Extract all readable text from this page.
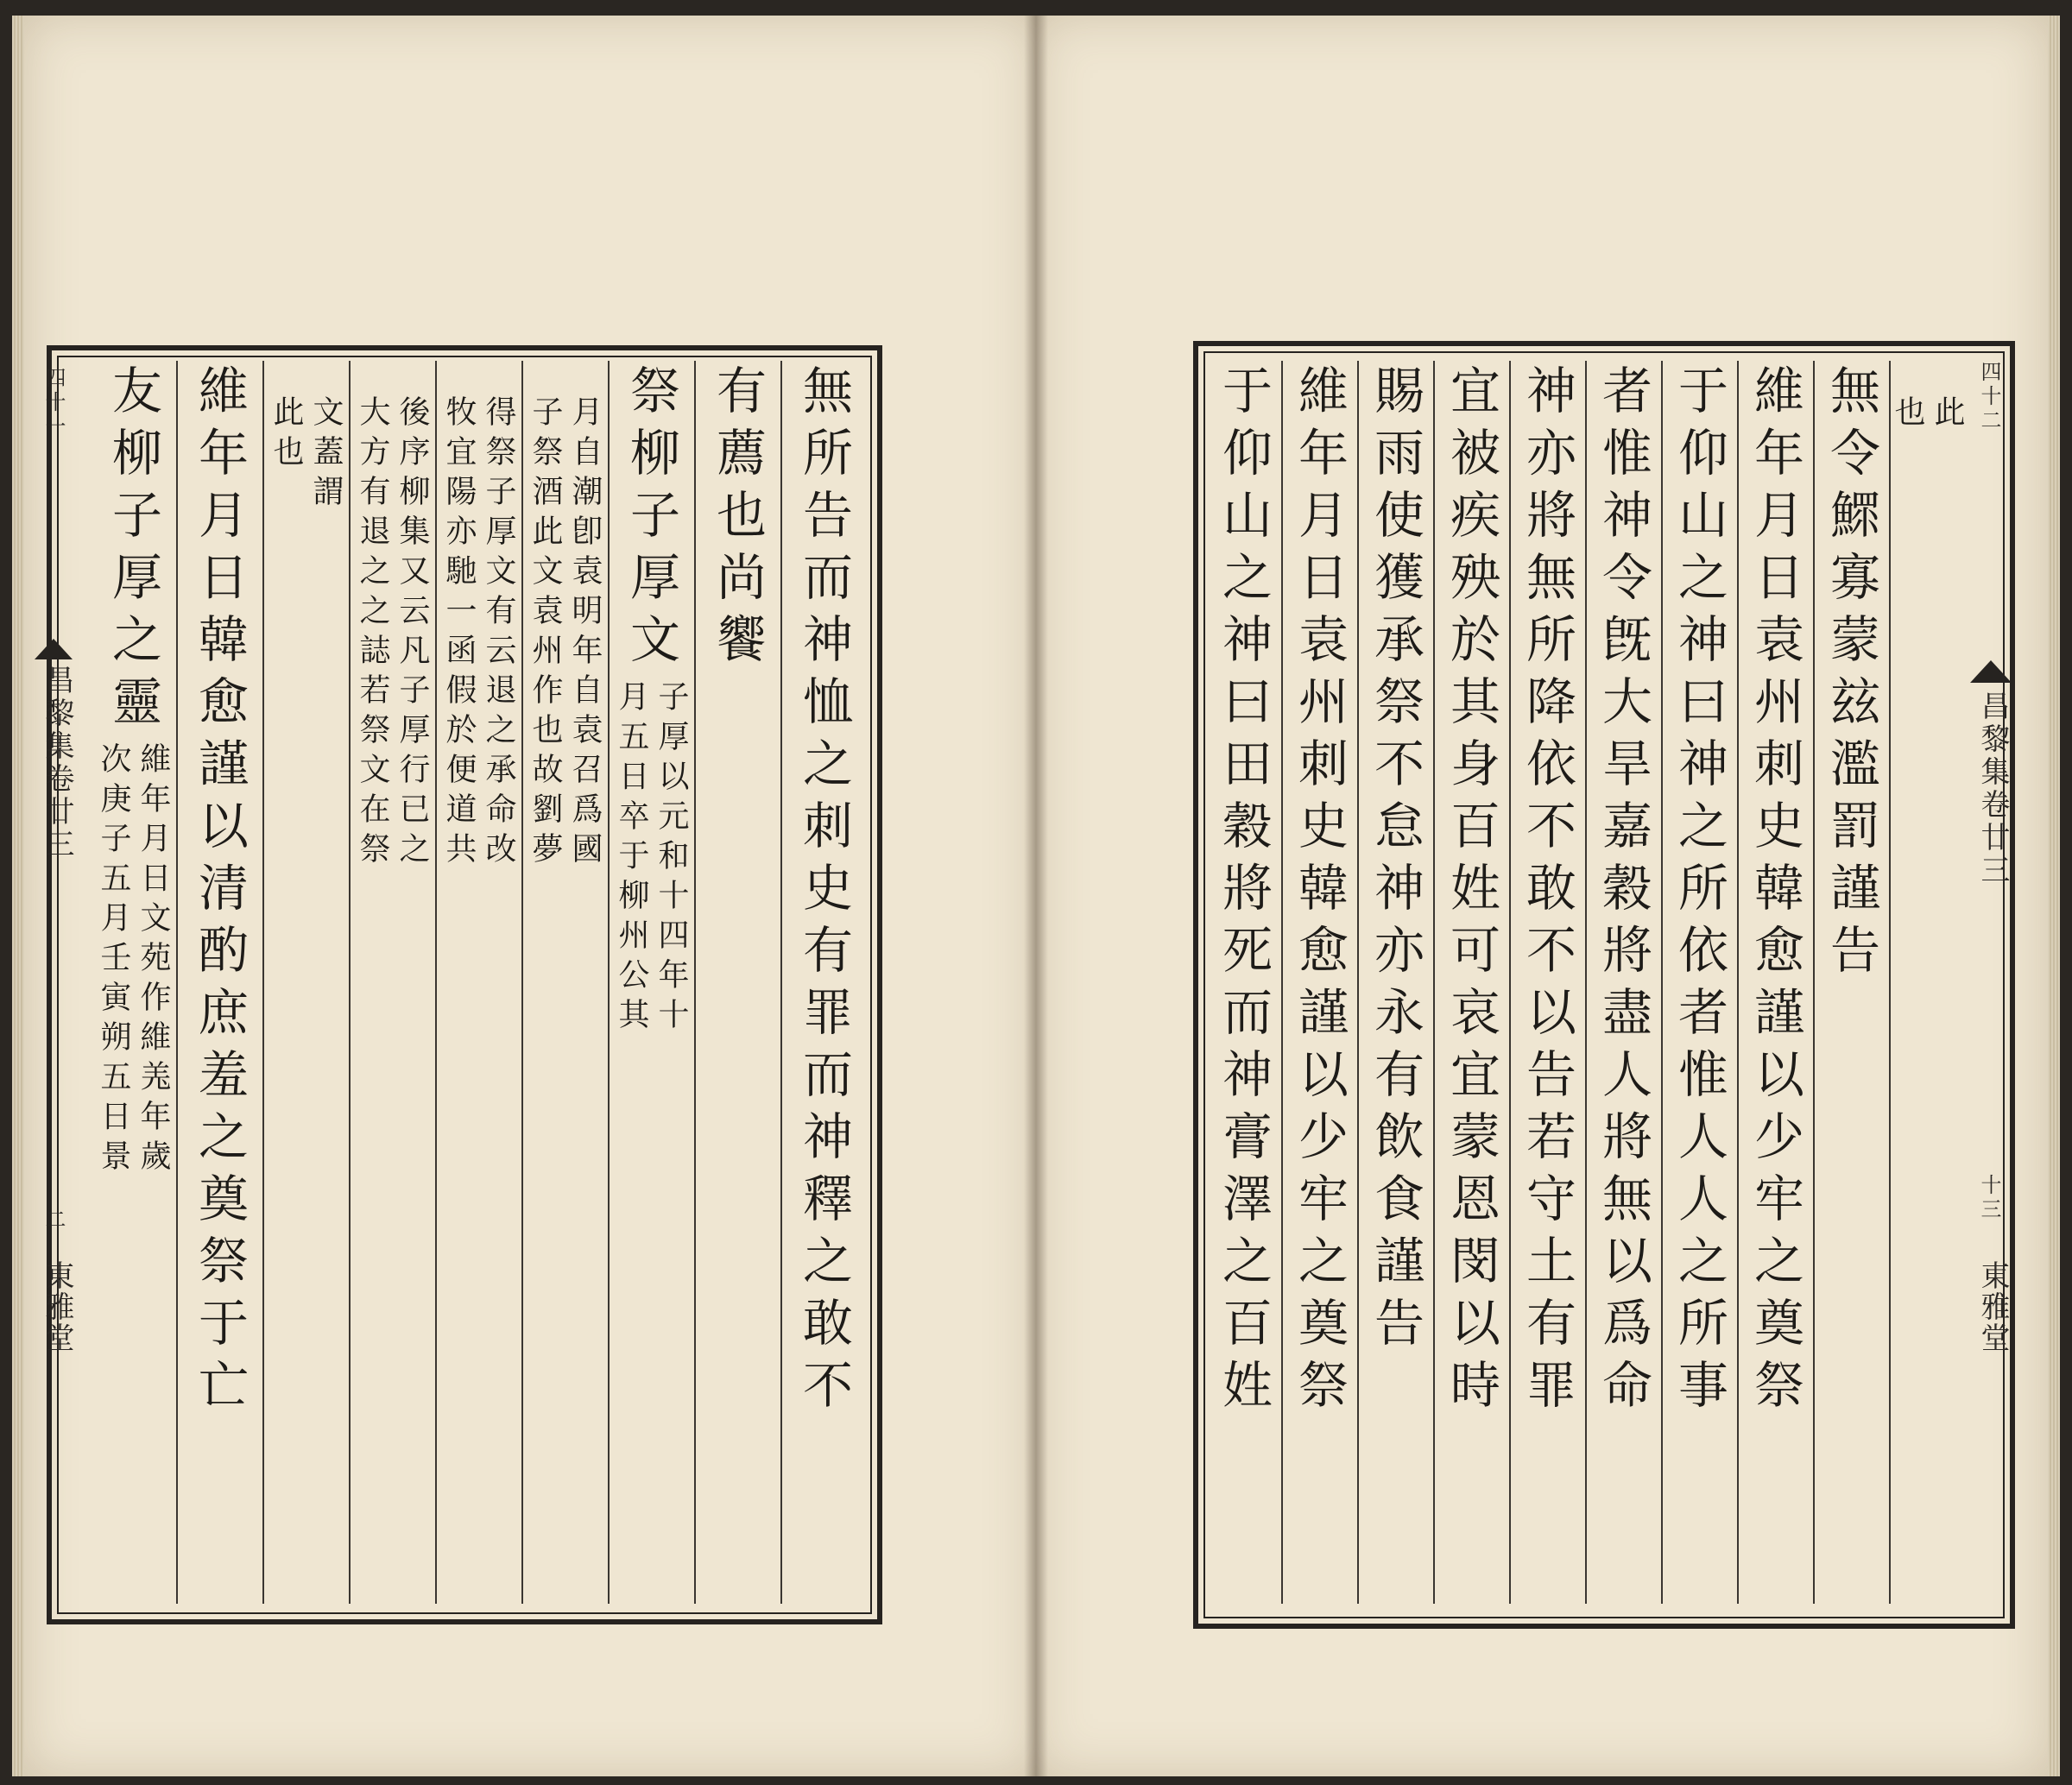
四十一
昌黎集卷廿三
二
東雅堂	無所告而神恤之刺史有罪而神釋之敢不
有薦也尚饗
祭柳子厚文
子厚以元和十四年十
月五日卒于柳州公其
月自潮卽袁明年自袁召爲國
子祭酒此文袁州作也故劉夢
得祭子厚文有云退之承命改
牧宜陽亦馳一函假於便道共
後序柳集又云凡子厚行已之
大方有退之之誌若祭文在祭
文蓋謂
此也
維年月日韓愈謹以清酌庶羞之奠祭于亡
友柳子厚之靈
維年月日文苑作維𦍑年歲
次庚子五月壬寅朔五日景
四十二
昌黎集卷廿三
十三
東雅堂
此
也
無令鰥寡蒙玆濫罰謹告
維年月日袁州刺史韓愈謹以少牢之奠祭
于仰山之神曰神之所依者惟人人之所事
者惟神令旣大旱嘉穀將盡人將無以爲命
神亦將無所降依不敢不以告若守土有罪
宜被疾殃於其身百姓可哀宜蒙恩閔以時
賜雨使獲承祭不怠神亦永有飲食謹告
維年月日袁州刺史韓愈謹以少牢之奠祭
于仰山之神曰田穀將死而神膏澤之百姓
